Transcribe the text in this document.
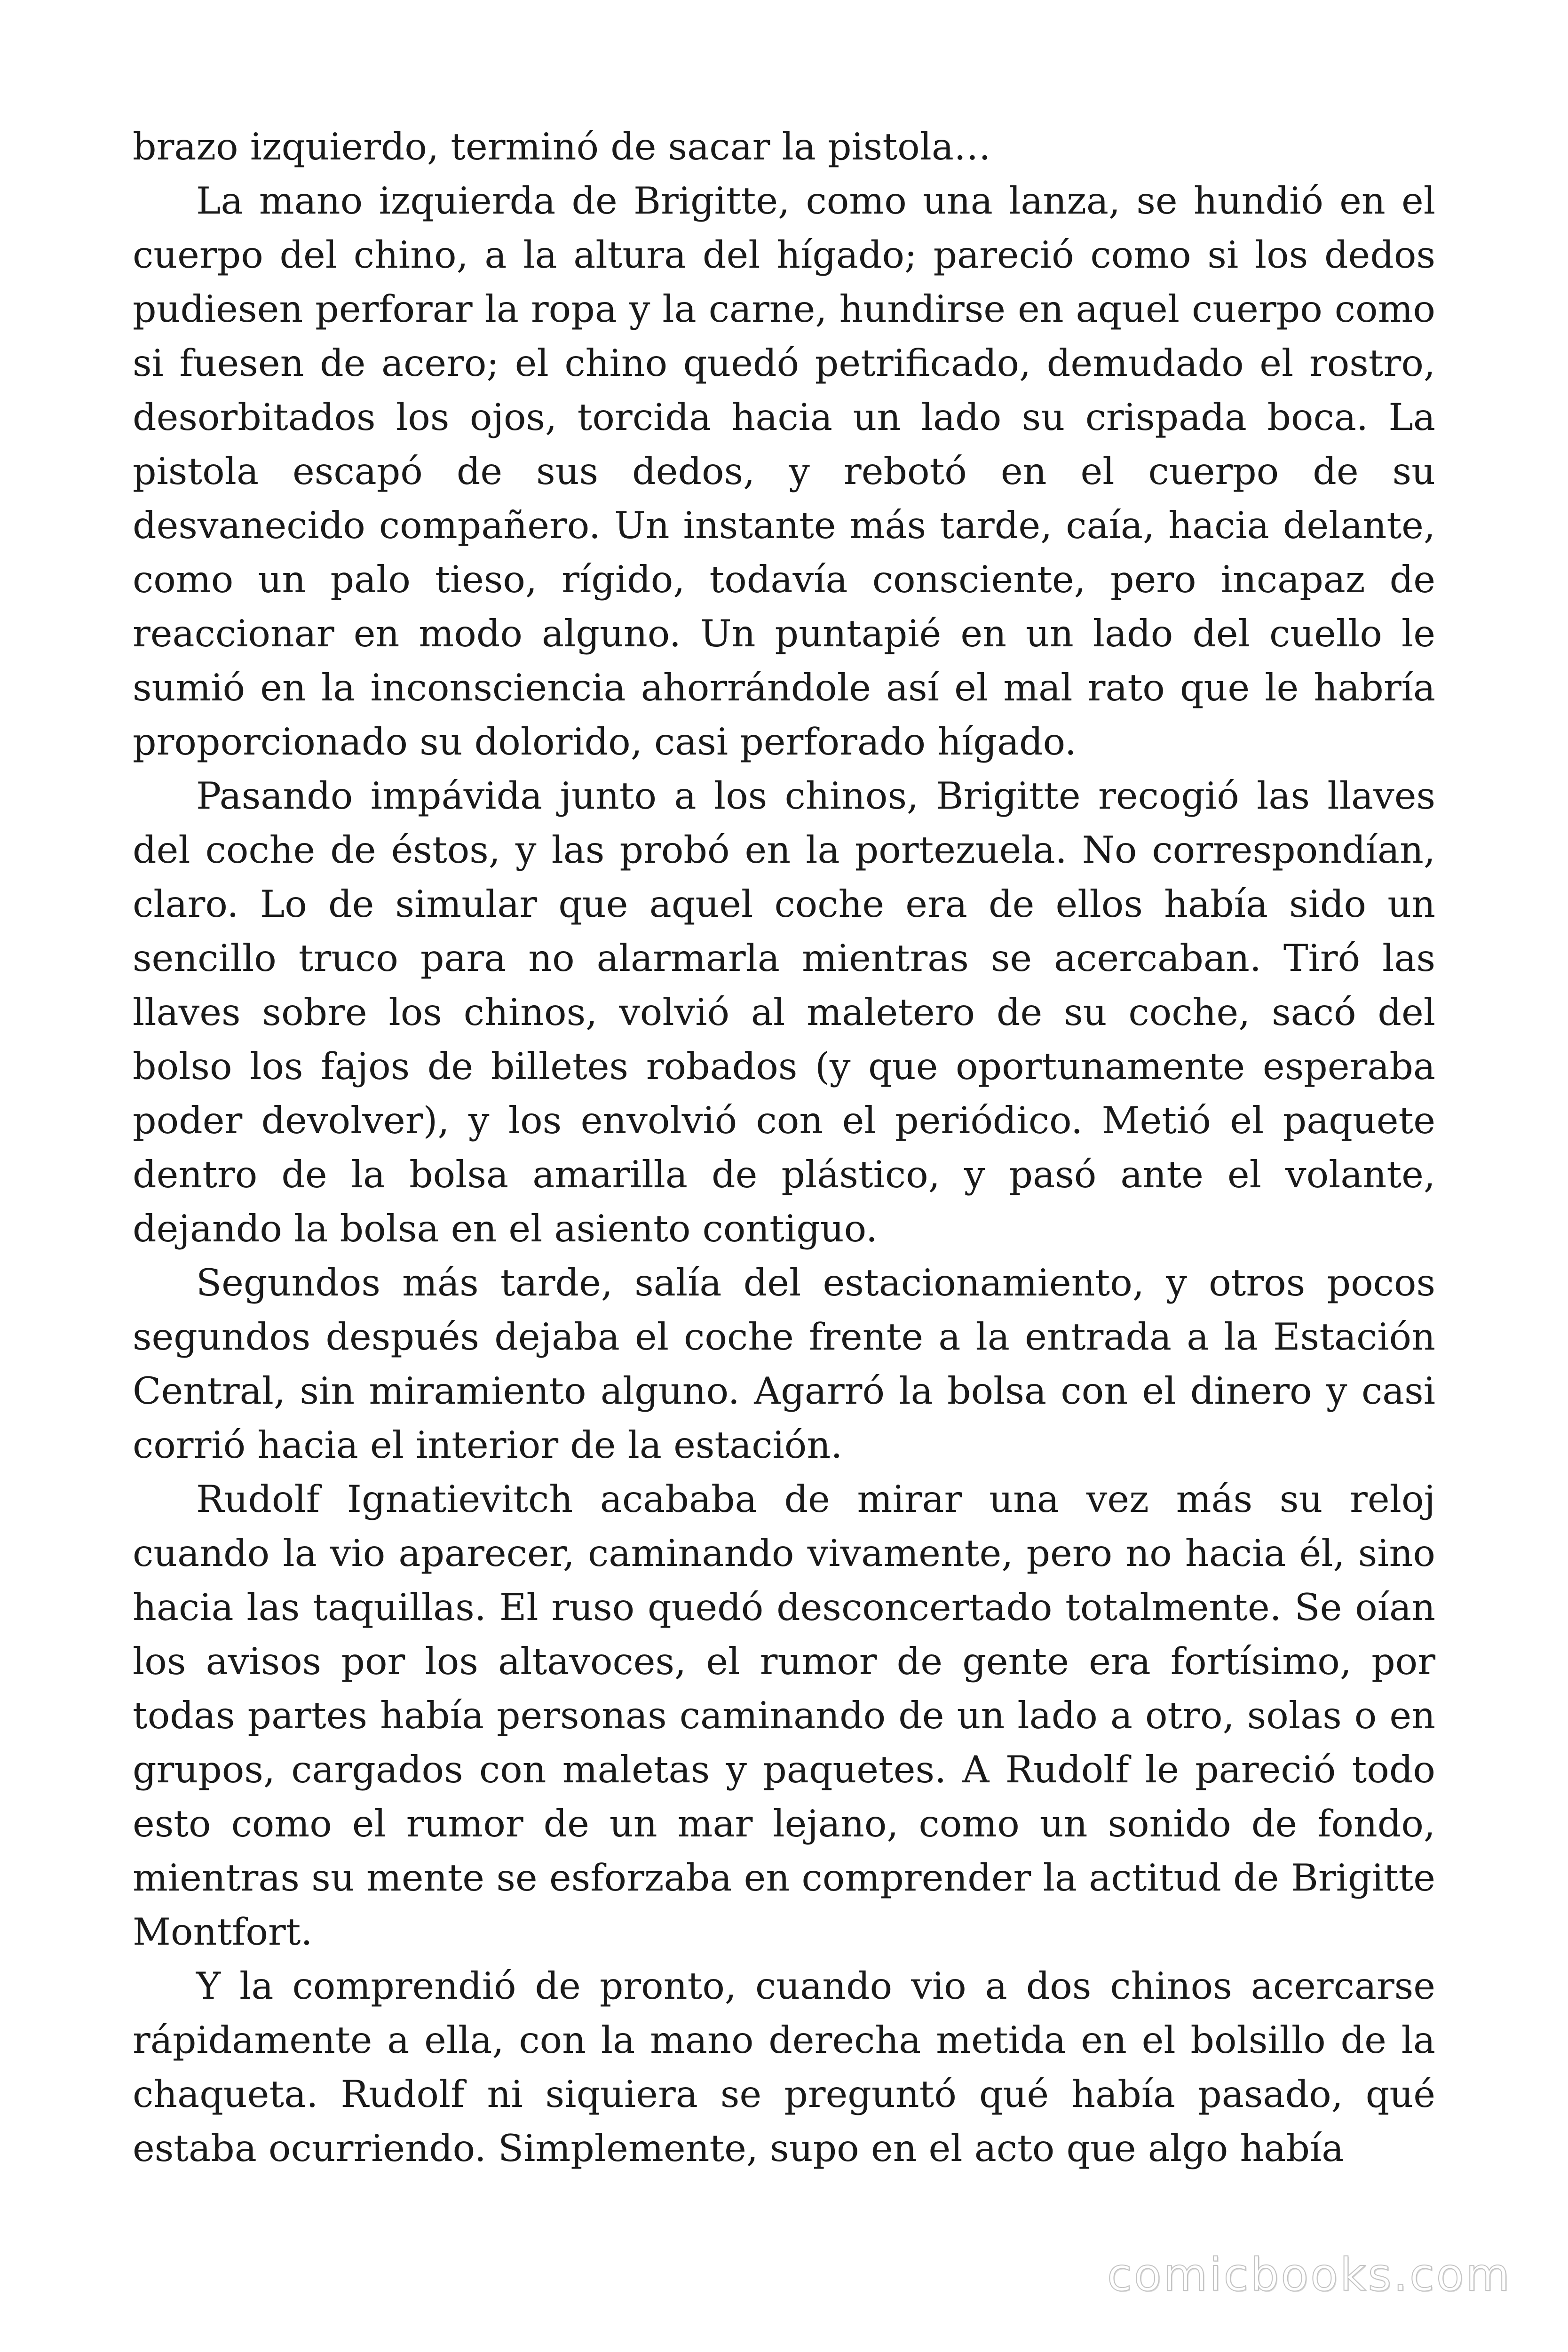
brazo izquierdo, terminó de sacar la pistola…

La mano izquierda de Brigitte, como una lanza, se hundió en el cuerpo del chino, a la altura del hígado; pareció como si los dedos pudiesen perforar la ropa y la carne, hundirse en aquel cuerpo como si fuesen de acero; el chino quedó petrificado, demudado el rostro, desorbitados los ojos, torcida hacia un lado su crispada boca. La pistola escapó de sus dedos, y rebotó en el cuerpo de su desvanecido compañero. Un instante más tarde, caía, hacia delante, como un palo tieso, rígido, todavía consciente, pero incapaz de reaccionar en modo alguno. Un puntapié en un lado del cuello le sumió en la inconsciencia ahorrándole así el mal rato que le habría proporcionado su dolorido, casi perforado hígado.

Pasando impávida junto a los chinos, Brigitte recogió las llaves del coche de éstos, y las probó en la portezuela. No correspondían, claro. Lo de simular que aquel coche era de ellos había sido un sencillo truco para no alarmarla mientras se acercaban. Tiró las llaves sobre los chinos, volvió al maletero de su coche, sacó del bolso los fajos de billetes robados (y que oportunamente esperaba poder devolver), y los envolvió con el periódico. Metió el paquete dentro de la bolsa amarilla de plástico, y pasó ante el volante, dejando la bolsa en el asiento contiguo.

Segundos más tarde, salía del estacionamiento, y otros pocos segundos después dejaba el coche frente a la entrada a la Estación Central, sin miramiento alguno. Agarró la bolsa con el dinero y casi corrió hacia el interior de la estación.

Rudolf Ignatievitch acababa de mirar una vez más su reloj cuando la vio aparecer, caminando vivamente, pero no hacia él, sino hacia las taquillas. El ruso quedó desconcertado totalmente. Se oían los avisos por los altavoces, el rumor de gente era fortísimo, por todas partes había personas caminando de un lado a otro, solas o en grupos, cargados con maletas y paquetes. A Rudolf le pareció todo esto como el rumor de un mar lejano, como un sonido de fondo, mientras su mente se esforzaba en comprender la actitud de Brigitte Montfort.

Y la comprendió de pronto, cuando vio a dos chinos acercarse rápidamente a ella, con la mano derecha metida en el bolsillo de la chaqueta. Rudolf ni siquiera se preguntó qué había pasado, qué estaba ocurriendo. Simplemente, supo en el acto que algo había

comicbooks.com
